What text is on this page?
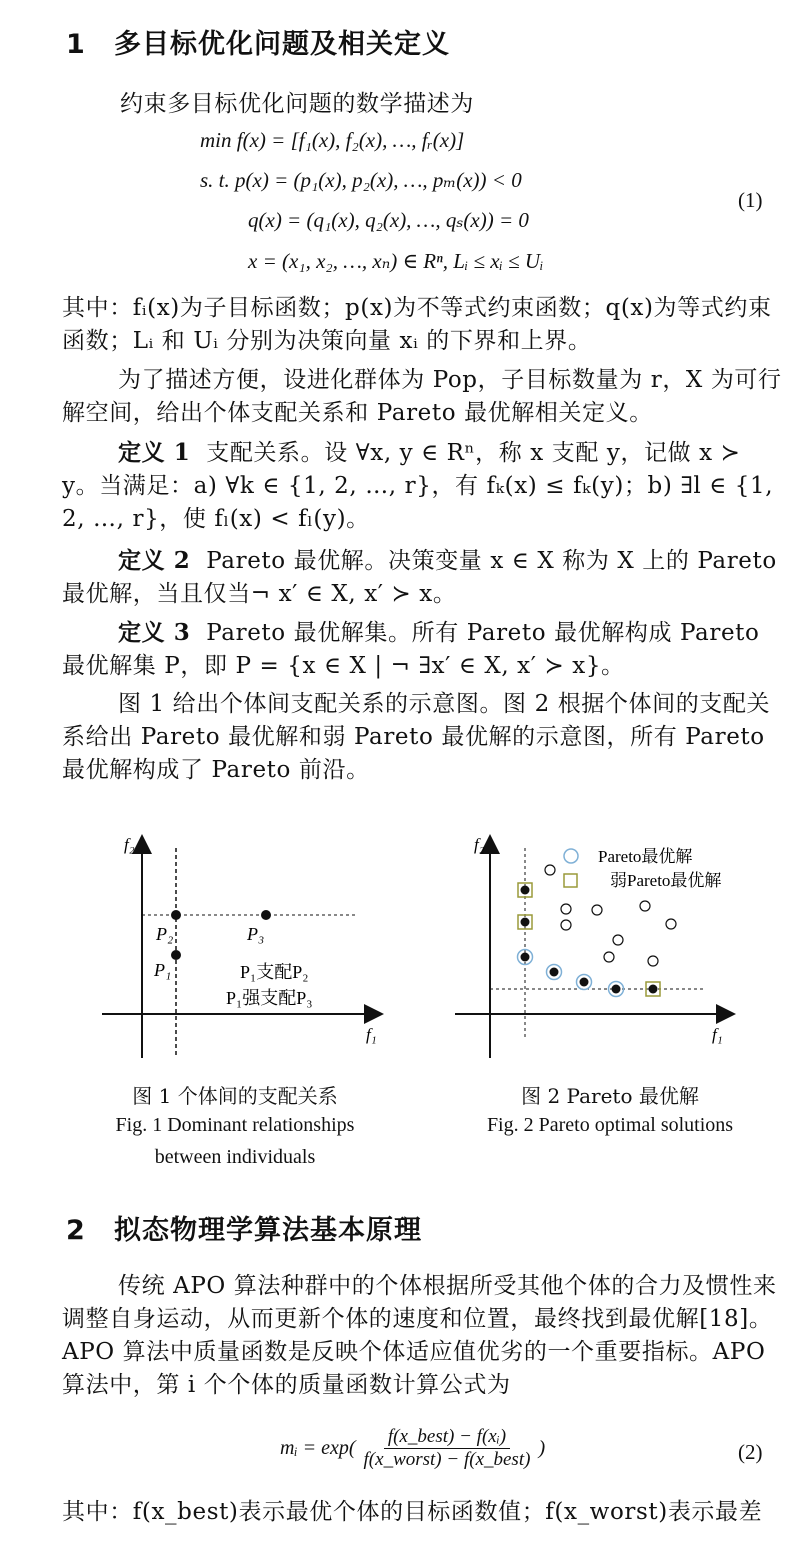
1 多目标优化问题及相关定义
约束多目标优化问题的数学描述为
min f(x) = [f₁(x), f₂(x), …, fᵣ(x)]
s. t. p(x) = (p₁(x), p₂(x), …, pₘ(x)) < 0
q(x) = (q₁(x), q₂(x), …, qₛ(x)) = 0
x = (x₁, x₂, …, xₙ) ∈ Rⁿ, Lᵢ ≤ xᵢ ≤ Uᵢ
(1)
其中：fᵢ(x)为子目标函数；p(x)为不等式约束函数；q(x)为等式约束函数；Lᵢ 和 Uᵢ 分别为决策向量 xᵢ 的下界和上界。
为了描述方便，设进化群体为 Pop，子目标数量为 r，X 为可行解空间，给出个体支配关系和 Pareto 最优解相关定义。
定义 1 支配关系。设 ∀x, y ∈ Rⁿ，称 x 支配 y，记做 x ≻ y。当满足：a) ∀k ∈ {1, 2, …, r}，有 fₖ(x) ≤ fₖ(y)；b) ∃l ∈ {1, 2, …, r}，使 fₗ(x) < fₗ(y)。
定义 2 Pareto 最优解。决策变量 x ∈ X 称为 X 上的 Pareto 最优解，当且仅当¬ x′ ∈ X, x′ ≻ x。
定义 3 Pareto 最优解集。所有 Pareto 最优解构成 Pareto 最优解集 P，即 P = {x ∈ X | ¬ ∃x′ ∈ X, x′ ≻ x}。
图 1 给出个体间支配关系的示意图。图 2 根据个体间的支配关系给出 Pareto 最优解和弱 Pareto 最优解的示意图，所有 Pareto 最优解构成了 Pareto 前沿。
f₂
f₁
P₂	P₃
P₁	P₁支配P₂
P₁强支配P₃
图 1 个体间的支配关系
Fig. 1 Dominant relationships
between individuals
f₂
f₁
Pareto最优解
弱Pareto最优解
图 2 Pareto 最优解
Fig. 2 Pareto optimal solutions
2 拟态物理学算法基本原理
传统 APO 算法种群中的个体根据所受其他个体的合力及惯性来调整自身运动，从而更新个体的速度和位置，最终找到最优解[18]。APO 算法中质量函数是反映个体适应值优劣的一个重要指标。APO 算法中，第 i 个个体的质量函数计算公式为
mᵢ = exp(
f(x_best) − f(xᵢ)
f(x_worst) − f(x_best)
)	(2)
其中：f(x_best)表示最优个体的目标函数值；f(x_worst)表示最差
